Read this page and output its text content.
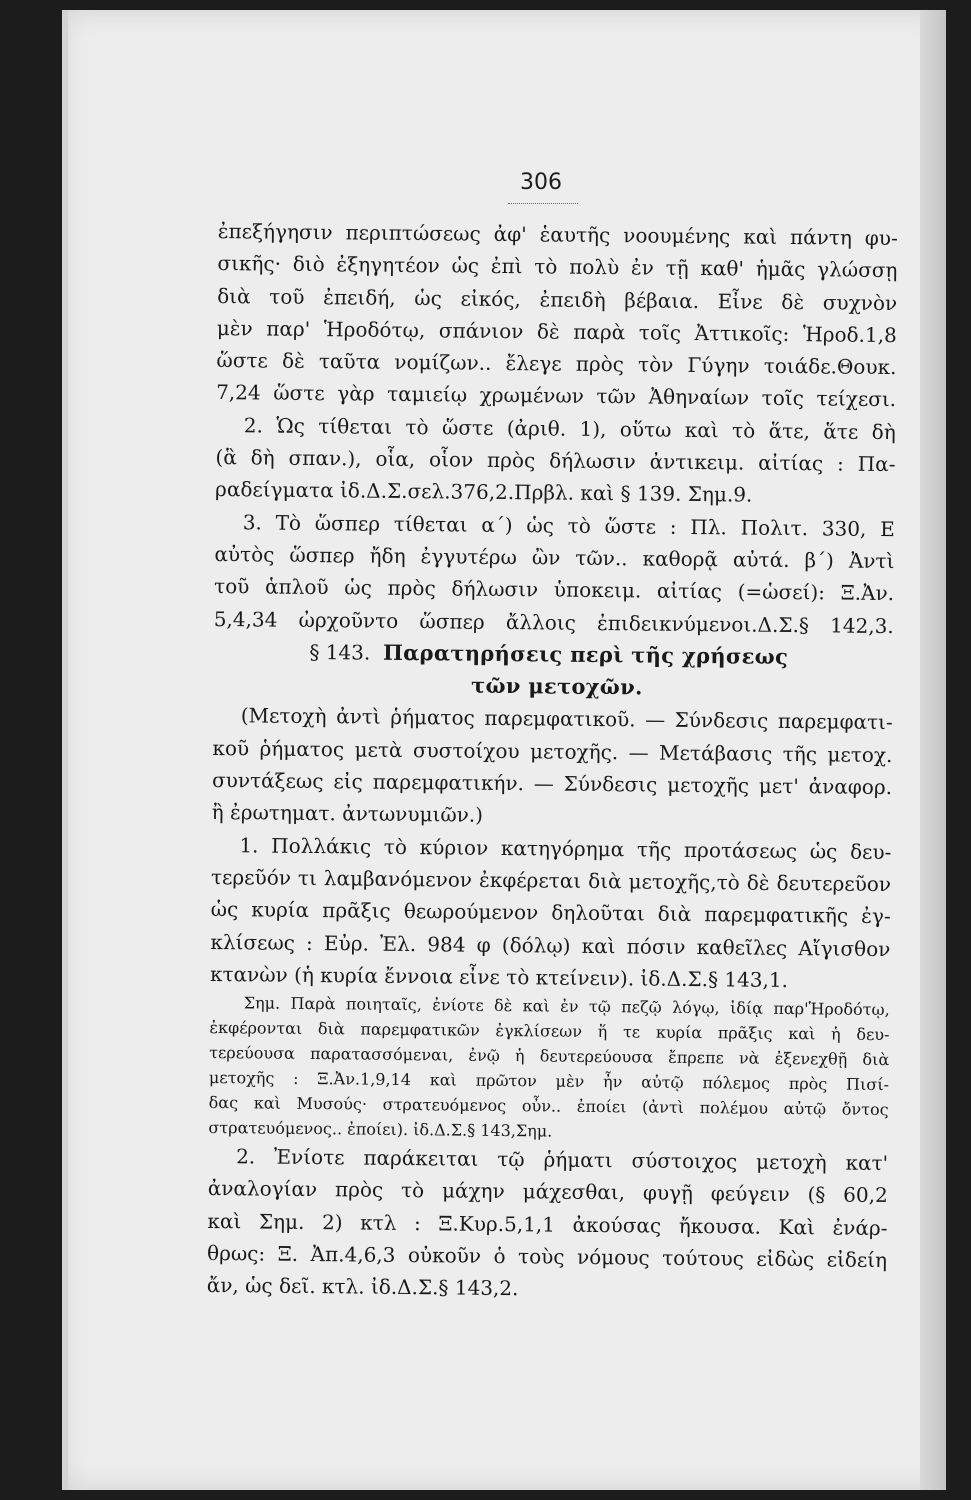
306
ἐπεξήγησιν περιπτώσεως ἀφ' ἑαυτῆς νοουμένης καὶ πάντη φυ-
σικῆς· διὸ ἐξηγητέον ὡς ἐπὶ τὸ πολὺ ἐν τῇ καθ' ἡμᾶς γλώσσῃ
διὰ τοῦ ἐπειδή, ὡς εἰκός, ἐπειδὴ βέβαια. Εἶνε δὲ συχνὸν
μὲν παρ' Ἡροδότῳ, σπάνιον δὲ παρὰ τοῖς Ἀττικοῖς: Ἡροδ.1,8
ὥστε δὲ ταῦτα νομίζων.. ἔλεγε πρὸς τὸν Γύγην τοιάδε.Θουκ.
7,24 ὥστε γὰρ ταμιείῳ χρωμένων τῶν Ἀθηναίων τοῖς τείχεσι.
2. Ὡς τίθεται τὸ ὥστε (ἀριθ. 1), οὕτω καὶ τὸ ἅτε, ἅτε δὴ
(ἃ δὴ σπαν.), οἷα, οἷον πρὸς δήλωσιν ἀντικειμ. αἰτίας : Πα-
ραδείγματα ἰδ.Δ.Σ.σελ.376,2.Πρβλ. καὶ § 139. Σημ.9.
3. Τὸ ὥσπερ τίθεται α΄) ὡς τὸ ὥστε : Πλ. Πολιτ. 330, Ε
αὐτὸς ὥσπερ ἤδη ἐγγυτέρω ὢν τῶν.. καθορᾷ αὐτά. β΄) Ἀντὶ
τοῦ ἁπλοῦ ὡς πρὸς δήλωσιν ὑποκειμ. αἰτίας (=ὡσεί): Ξ.Ἀν.
5,4,34 ὠρχοῦντο ὥσπερ ἄλλοις ἐπιδεικνύμενοι.Δ.Σ.§ 142,3.
§ 143. Παρατηρήσεις περὶ τῆς χρήσεως
τῶν μετοχῶν.
(Μετοχὴ ἀντὶ ῥήματος παρεμφατικοῦ. — Σύνδεσις παρεμφατι-
κοῦ ῥήματος μετὰ συστοίχου μετοχῆς. — Μετάβασις τῆς μετοχ.
συντάξεως εἰς παρεμφατικήν. — Σύνδεσις μετοχῆς μετ' ἀναφορ.
ἢ ἐρωτηματ. ἀντωνυμιῶν.)
1. Πολλάκις τὸ κύριον κατηγόρημα τῆς προτάσεως ὡς δευ-
τερεῦόν τι λαμβανόμενον ἐκφέρεται διὰ μετοχῆς,τὸ δὲ δευτερεῦον
ὡς κυρία πρᾶξις θεωρούμενον δηλοῦται διὰ παρεμφατικῆς ἐγ-
κλίσεως : Εὐρ. Ἐλ. 984 φ (δόλῳ) καὶ πόσιν καθεῖλες Αἴγισθον
κτανὼν (ἡ κυρία ἔννοια εἶνε τὸ κτείνειν). ἰδ.Δ.Σ.§ 143,1.
Σημ. Παρὰ ποιηταῖς, ἐνίοτε δὲ καὶ ἐν τῷ πεζῷ λόγῳ, ἰδίᾳ παρ'Ἡροδότῳ,
ἐκφέρονται διὰ παρεμφατικῶν ἐγκλίσεων ἥ τε κυρία πρᾶξις καὶ ἡ δευ-
τερεύουσα παρατασσόμεναι, ἐνῷ ἡ δευτερεύουσα ἔπρεπε νὰ ἐξενεχθῇ διὰ
μετοχῆς : Ξ.Ἀν.1,9,14 καὶ πρῶτον μὲν ἦν αὐτῷ πόλεμος πρὸς Πισί-
δας καὶ Μυσούς· στρατευόμενος οὖν.. ἐποίει (ἀντὶ πολέμου αὐτῷ ὄντος
στρατευόμενος.. ἐποίει). ἰδ.Δ.Σ.§ 143,Σημ.
2. Ἐνίοτε παράκειται τῷ ῥήματι σύστοιχος μετοχὴ κατ'
ἀναλογίαν πρὸς τὸ μάχην μάχεσθαι, φυγῇ φεύγειν (§ 60,2
καὶ Σημ. 2) κτλ : Ξ.Κυρ.5,1,1 ἀκούσας ἤκουσα. Καὶ ἐνάρ-
θρως: Ξ. Ἀπ.4,6,3 οὐκοῦν ὁ τοὺς νόμους τούτους εἰδὼς εἰδείη
ἄν, ὡς δεῖ. κτλ. ἰδ.Δ.Σ.§ 143,2.
